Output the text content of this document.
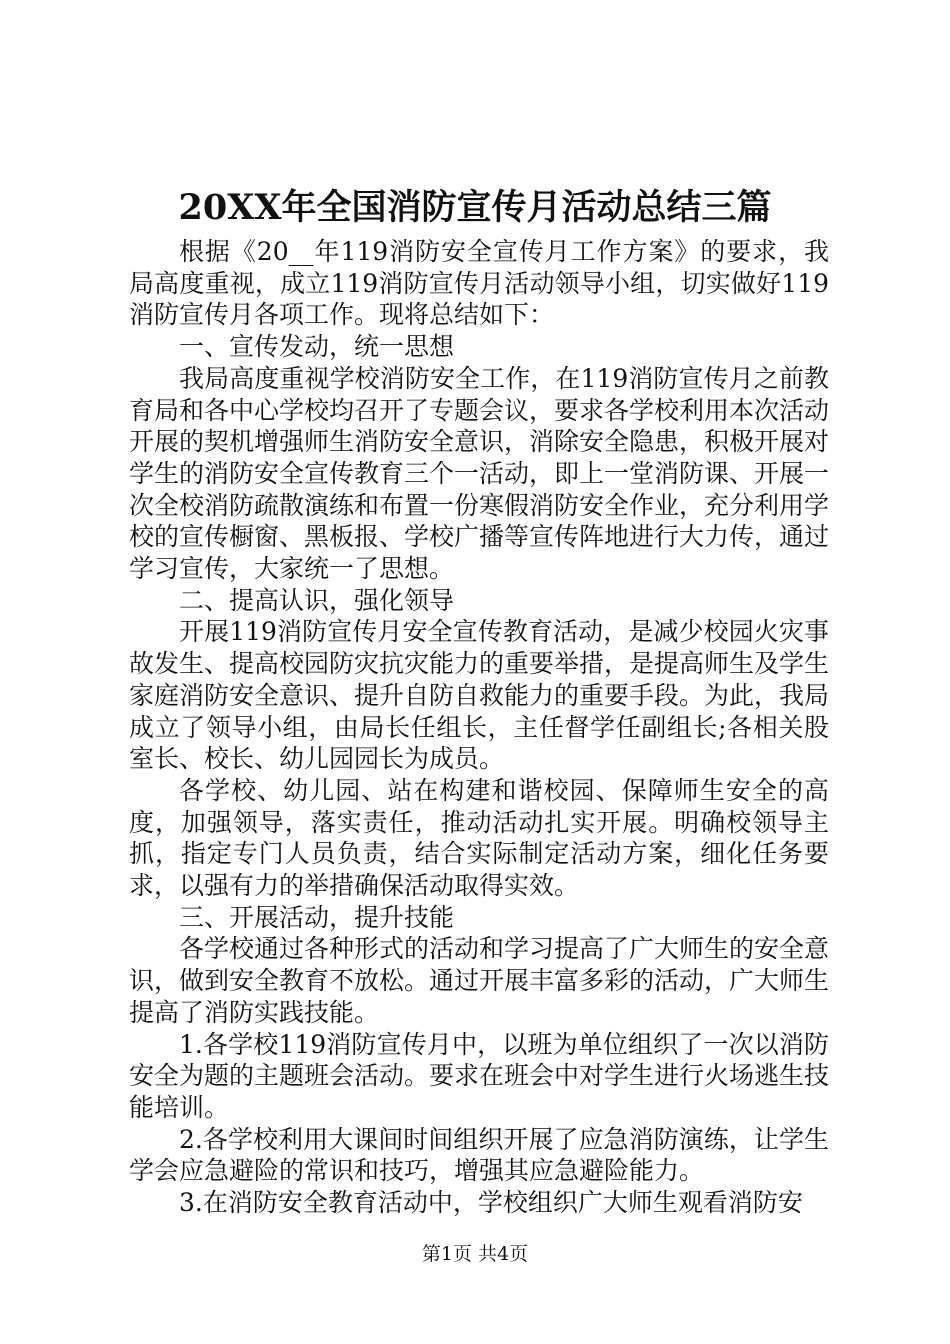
20XX年全国消防宣传月活动总结三篇

根据《20__年119消防安全宣传月工作方案》的要求，我局高度重视，成立119消防宣传月活动领导小组，切实做好119消防宣传月各项工作。现将总结如下：

一、宣传发动，统一思想

我局高度重视学校消防安全工作，在119消防宣传月之前教育局和各中心学校均召开了专题会议，要求各学校利用本次活动开展的契机增强师生消防安全意识，消除安全隐患，积极开展对学生的消防安全宣传教育三个一活动，即上一堂消防课、开展一次全校消防疏散演练和布置一份寒假消防安全作业，充分利用学校的宣传橱窗、黑板报、学校广播等宣传阵地进行大力传，通过学习宣传，大家统一了思想。

二、提高认识，强化领导

开展119消防宣传月安全宣传教育活动，是减少校园火灾事故发生、提高校园防灾抗灾能力的重要举措，是提高师生及学生家庭消防安全意识、提升自防自救能力的重要手段。为此，我局成立了领导小组，由局长任组长，主任督学任副组长;各相关股室长、校长、幼儿园园长为成员。

各学校、幼儿园、站在构建和谐校园、保障师生安全的高度，加强领导，落实责任，推动活动扎实开展。明确校领导主抓，指定专门人员负责，结合实际制定活动方案，细化任务要求，以强有力的举措确保活动取得实效。

三、开展活动，提升技能

各学校通过各种形式的活动和学习提高了广大师生的安全意识，做到安全教育不放松。通过开展丰富多彩的活动，广大师生提高了消防实践技能。

1.各学校119消防宣传月中，以班为单位组织了一次以消防安全为题的主题班会活动。要求在班会中对学生进行火场逃生技能培训。

2.各学校利用大课间时间组织开展了应急消防演练，让学生学会应急避险的常识和技巧，增强其应急避险能力。

3.在消防安全教育活动中，学校组织广大师生观看消防安

第1页 共4页
